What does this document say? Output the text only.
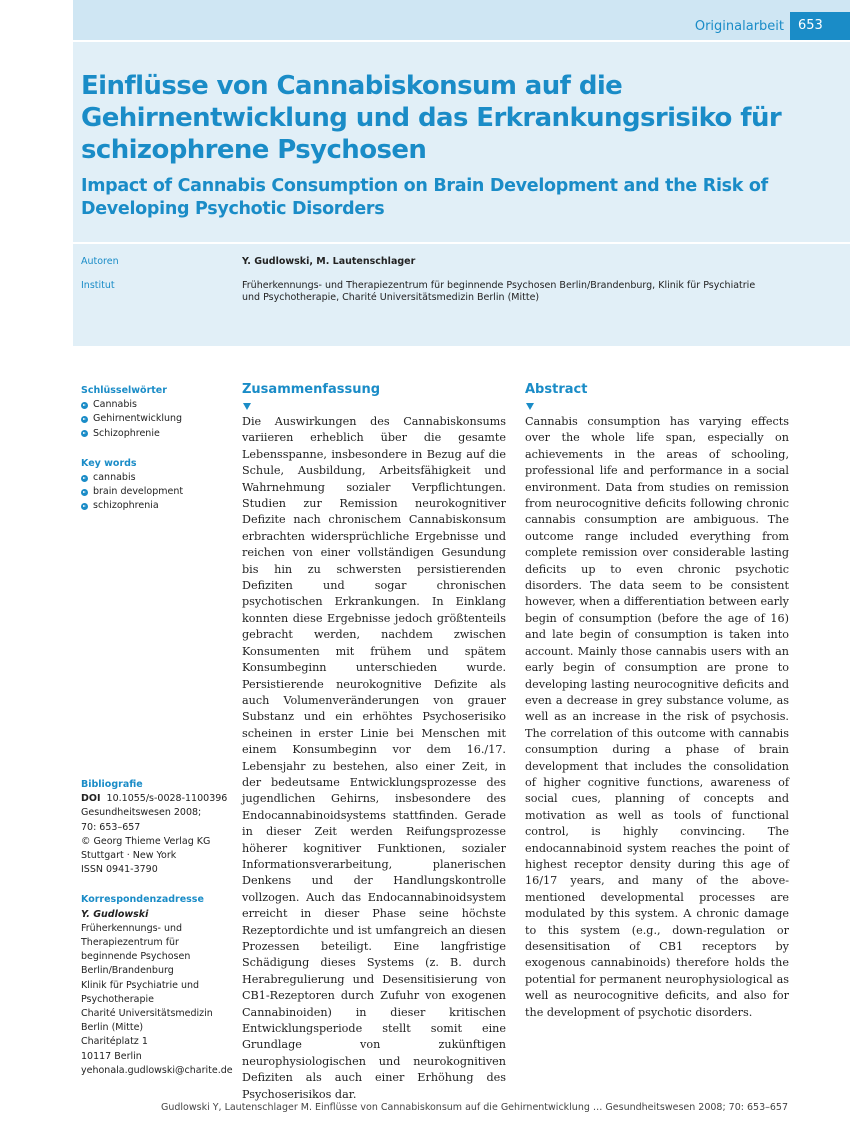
Originalarbeit	653
Einflüsse von Cannabiskonsum auf die Gehirnentwicklung und das Erkrankungsrisiko für schizophrene Psychosen
Impact of Cannabis Consumption on Brain Development and the Risk of Developing Psychotic Disorders
Autoren	Y. Gudlowski, M. Lautenschlager
Institut	Früherkennungs- und Therapiezentrum für beginnende Psychosen Berlin/Brandenburg, Klinik für Psychiatrie und Psychotherapie, Charité Universitätsmedizin Berlin (Mitte)
Schlüsselwörter
Cannabis
Gehirnentwicklung
Schizophrenie
Key words
cannabis
brain development
schizophrenia
Bibliografie
DOI 10.1055/s-0028-1100396
Gesundheitswesen 2008;
70: 653–657
© Georg Thieme Verlag KG
Stuttgart · New York
ISSN 0941-3790
Korrespondenzadresse
Y. Gudlowski
Früherkennungs- und
Therapiezentrum für
beginnende Psychosen
Berlin/Brandenburg
Klinik für Psychiatrie und
Psychotherapie
Charité Universitätsmedizin
Berlin (Mitte)
Charitéplatz 1
10117 Berlin
yehonala.gudlowski@charite.de
Zusammenfassung

Die Auswirkungen des Cannabiskonsums variieren erheblich über die gesamte Lebensspanne, insbesondere in Bezug auf die Schule, Ausbildung, Arbeitsfähigkeit und Wahrnehmung sozialer Verpflichtungen. Studien zur Remission neurokognitiver Defizite nach chronischem Cannabiskonsum erbrachten widersprüchliche Ergebnisse und reichen von einer vollständigen Gesundung bis hin zu schwersten persistierenden Defiziten und sogar chronischen psychotischen Erkrankungen. In Einklang konnten diese Ergebnisse jedoch größtenteils gebracht werden, nachdem zwischen Konsumenten mit frühem und spätem Konsumbeginn unterschieden wurde. Persistierende neurokognitive Defizite als auch Volumenveränderungen von grauer Substanz und ein erhöhtes Psychoserisiko scheinen in erster Linie bei Menschen mit einem Konsumbeginn vor dem 16./17. Lebensjahr zu bestehen, also einer Zeit, in der bedeutsame Entwicklungsprozesse des jugendlichen Gehirns, insbesondere des Endocannabinoidsystems stattfinden. Gerade in dieser Zeit werden Reifungsprozesse höherer kognitiver Funktionen, sozialer Informationsverarbeitung, planerischen Denkens und der Handlungskontrolle vollzogen. Auch das Endocannabinoidsystem erreicht in dieser Phase seine höchste Rezeptordichte und ist umfangreich an diesen Prozessen beteiligt. Eine langfristige Schädigung dieses Systems (z. B. durch Herabregulierung und Desensitisierung von CB1-Rezeptoren durch Zufuhr von exogenen Cannabinoiden) in dieser kritischen Entwicklungsperiode stellt somit eine Grundlage von zukünftigen neurophysiologischen und neurokognitiven Defiziten als auch einer Erhöhung des Psychoserisikos dar.

Abstract

Cannabis consumption has varying effects over the whole life span, especially on achievements in the areas of schooling, professional life and performance in a social environment. Data from studies on remission from neurocognitive deficits following chronic cannabis consumption are ambiguous. The outcome range included everything from complete remission over considerable lasting deficits up to even chronic psychotic disorders. The data seem to be consistent however, when a differentiation between early begin of consumption (before the age of 16) and late begin of consumption is taken into account. Mainly those cannabis users with an early begin of consumption are prone to developing lasting neurocognitive deficits and even a decrease in grey substance volume, as well as an increase in the risk of psychosis. The correlation of this outcome with cannabis consumption during a phase of brain development that includes the consolidation of higher cognitive functions, awareness of social cues, planning of concepts and motivation as well as tools of functional control, is highly convincing. The endocannabinoid system reaches the point of highest receptor density during this age of 16/17 years, and many of the above-mentioned developmental processes are modulated by this system. A chronic damage to this system (e.g., down-regulation or desensitisation of CB1 receptors by exogenous cannabinoids) therefore holds the potential for permanent neurophysiological as well as neurocognitive deficits, and also for the development of psychotic disorders.

Gudlowski Y, Lautenschlager M. Einflüsse von Cannabiskonsum auf die Gehirnentwicklung … Gesundheitswesen 2008; 70: 653–657
